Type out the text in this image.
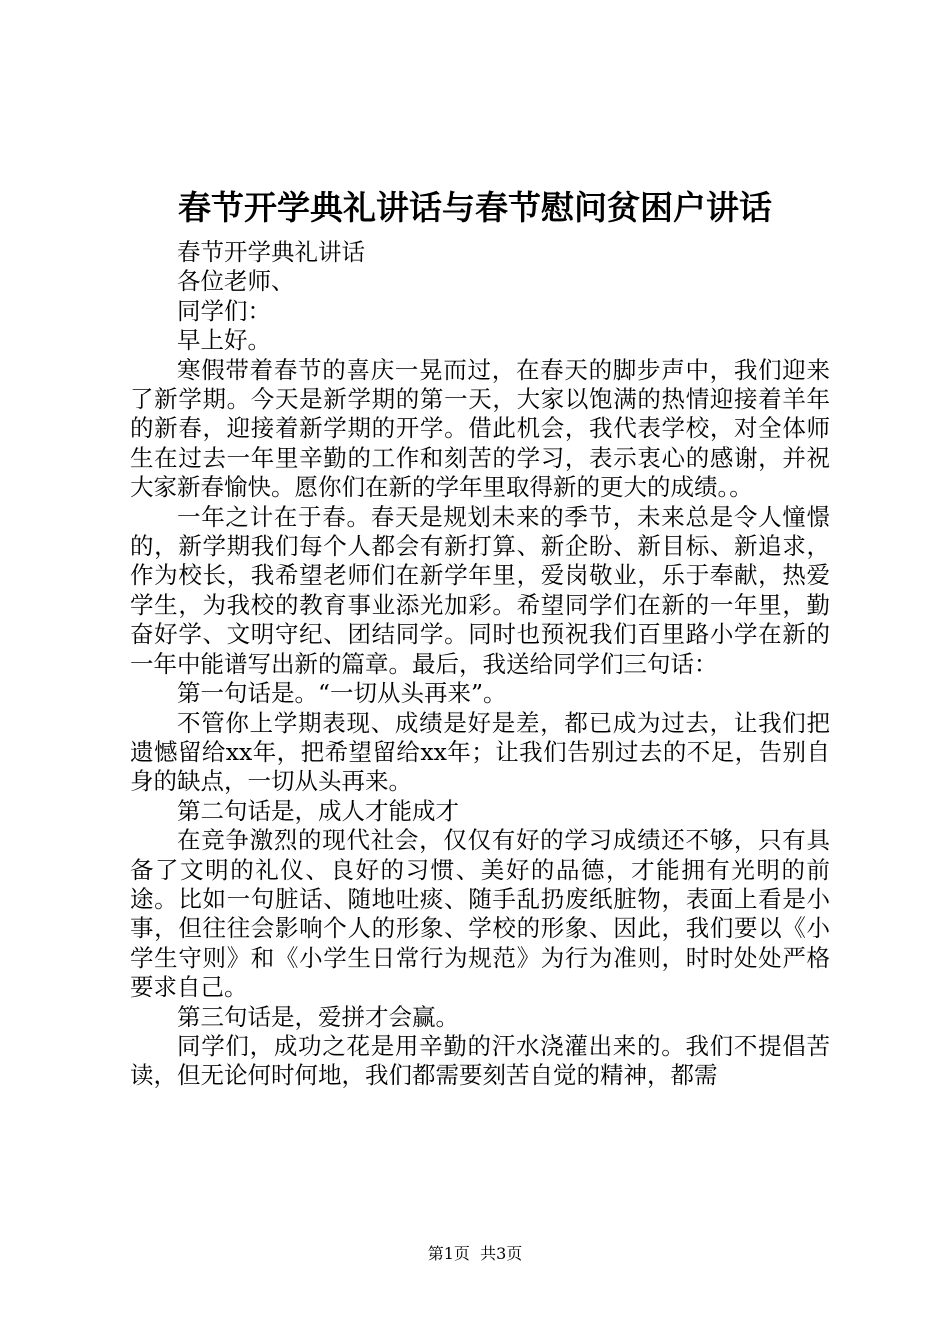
春节开学典礼讲话与春节慰问贫困户讲话

春节开学典礼讲话

各位老师、

同学们：

早上好。

寒假带着春节的喜庆一晃而过，在春天的脚步声中，我们迎来了新学期。今天是新学期的第一天，大家以饱满的热情迎接着羊年的新春，迎接着新学期的开学。借此机会，我代表学校，对全体师生在过去一年里辛勤的工作和刻苦的学习，表示衷心的感谢，并祝大家新春愉快。愿你们在新的学年里取得新的更大的成绩。。

一年之计在于春。春天是规划未来的季节，未来总是令人憧憬的，新学期我们每个人都会有新打算、新企盼、新目标、新追求，作为校长，我希望老师们在新学年里，爱岗敬业，乐于奉献，热爱学生，为我校的教育事业添光加彩。希望同学们在新的一年里，勤奋好学、文明守纪、团结同学。同时也预祝我们百里路小学在新的一年中能谱写出新的篇章。最后，我送给同学们三句话：

第一句话是。“一切从头再来”。

不管你上学期表现、成绩是好是差，都已成为过去，让我们把遗憾留给xx年，把希望留给xx年；让我们告别过去的不足，告别自身的缺点，一切从头再来。

第二句话是，成人才能成才

在竞争激烈的现代社会，仅仅有好的学习成绩还不够，只有具备了文明的礼仪、良好的习惯、美好的品德，才能拥有光明的前途。比如一句脏话、随地吐痰、随手乱扔废纸脏物，表面上看是小事，但往往会影响个人的形象、学校的形象、因此，我们要以《小学生守则》和《小学生日常行为规范》为行为准则，时时处处严格要求自己。

第三句话是，爱拼才会赢。

同学们，成功之花是用辛勤的汗水浇灌出来的。我们不提倡苦读，但无论何时何地，我们都需要刻苦自觉的精神，都需

第1页 共3页
